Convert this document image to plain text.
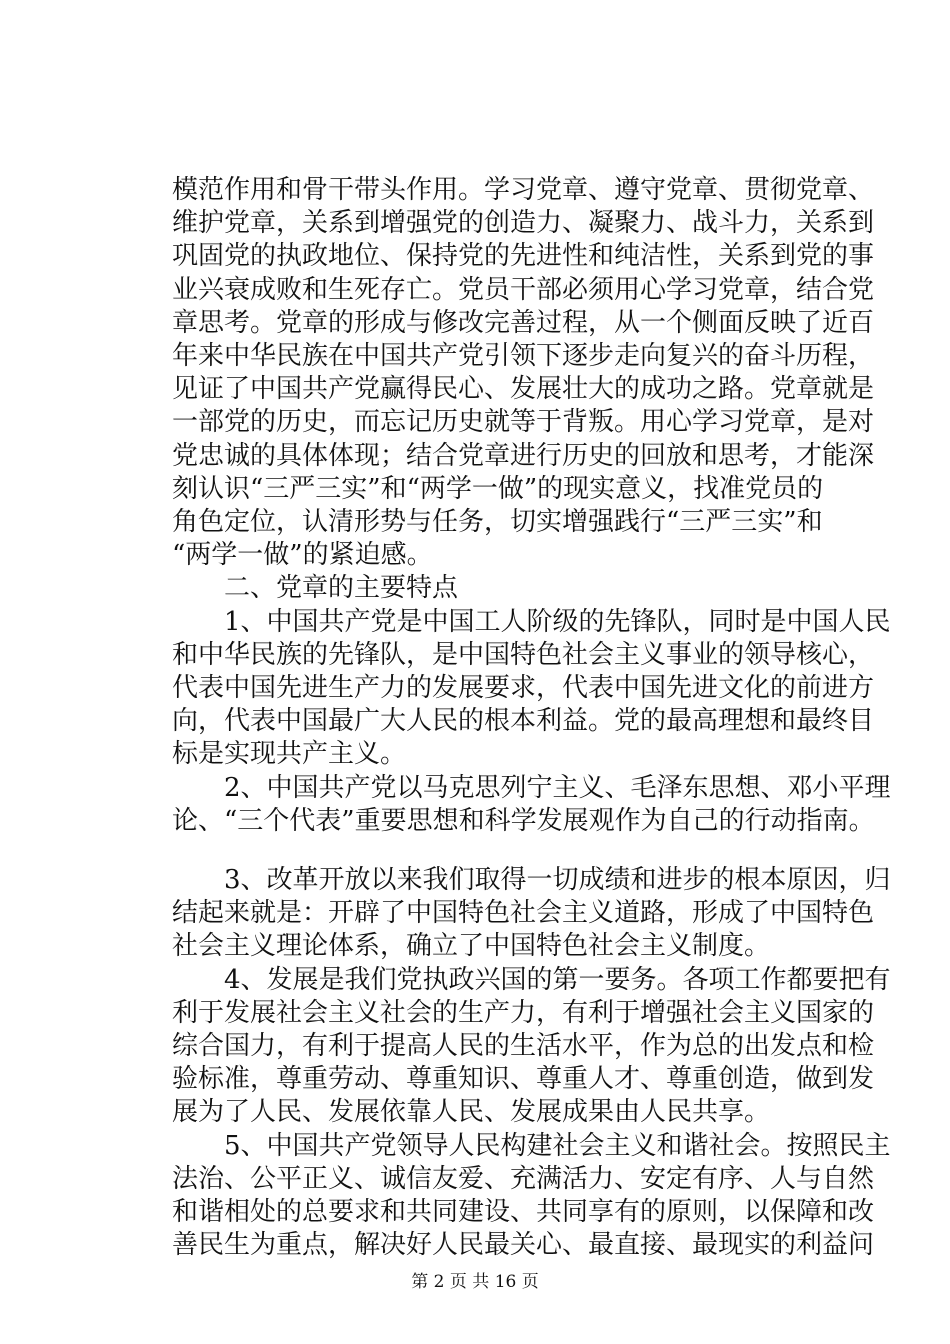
模范作用和骨干带头作用。学习党章、遵守党章、贯彻党章、
维护党章，关系到增强党的创造力、凝聚力、战斗力，关系到
巩固党的执政地位、保持党的先进性和纯洁性，关系到党的事
业兴衰成败和生死存亡。党员干部必须用心学习党章，结合党
章思考。党章的形成与修改完善过程，从一个侧面反映了近百
年来中华民族在中国共产党引领下逐步走向复兴的奋斗历程，
见证了中国共产党赢得民心、发展壮大的成功之路。党章就是
一部党的历史，而忘记历史就等于背叛。用心学习党章，是对
党忠诚的具体体现；结合党章进行历史的回放和思考，才能深
刻认识“三严三实”和“两学一做”的现实意义，找准党员的
角色定位，认清形势与任务，切实增强践行“三严三实”和
“两学一做”的紧迫感。
　　二、党章的主要特点
　　1、中国共产党是中国工人阶级的先锋队，同时是中国人民
和中华民族的先锋队，是中国特色社会主义事业的领导核心，
代表中国先进生产力的发展要求，代表中国先进文化的前进方
向，代表中国最广大人民的根本利益。党的最高理想和最终目
标是实现共产主义。
　　2、中国共产党以马克思列宁主义、毛泽东思想、邓小平理
论、“三个代表”重要思想和科学发展观作为自己的行动指南。
　　3、改革开放以来我们取得一切成绩和进步的根本原因，归
结起来就是：开辟了中国特色社会主义道路，形成了中国特色
社会主义理论体系，确立了中国特色社会主义制度。
　　4、发展是我们党执政兴国的第一要务。各项工作都要把有
利于发展社会主义社会的生产力，有利于增强社会主义国家的
综合国力，有利于提高人民的生活水平，作为总的出发点和检
验标准，尊重劳动、尊重知识、尊重人才、尊重创造，做到发
展为了人民、发展依靠人民、发展成果由人民共享。
　　5、中国共产党领导人民构建社会主义和谐社会。按照民主
法治、公平正义、诚信友爱、充满活力、安定有序、人与自然
第 2 页 共 16 页
和谐相处的总要求和共同建设、共同享有的原则，以保障和改
善民生为重点，解决好人民最关心、最直接、最现实的利益问
